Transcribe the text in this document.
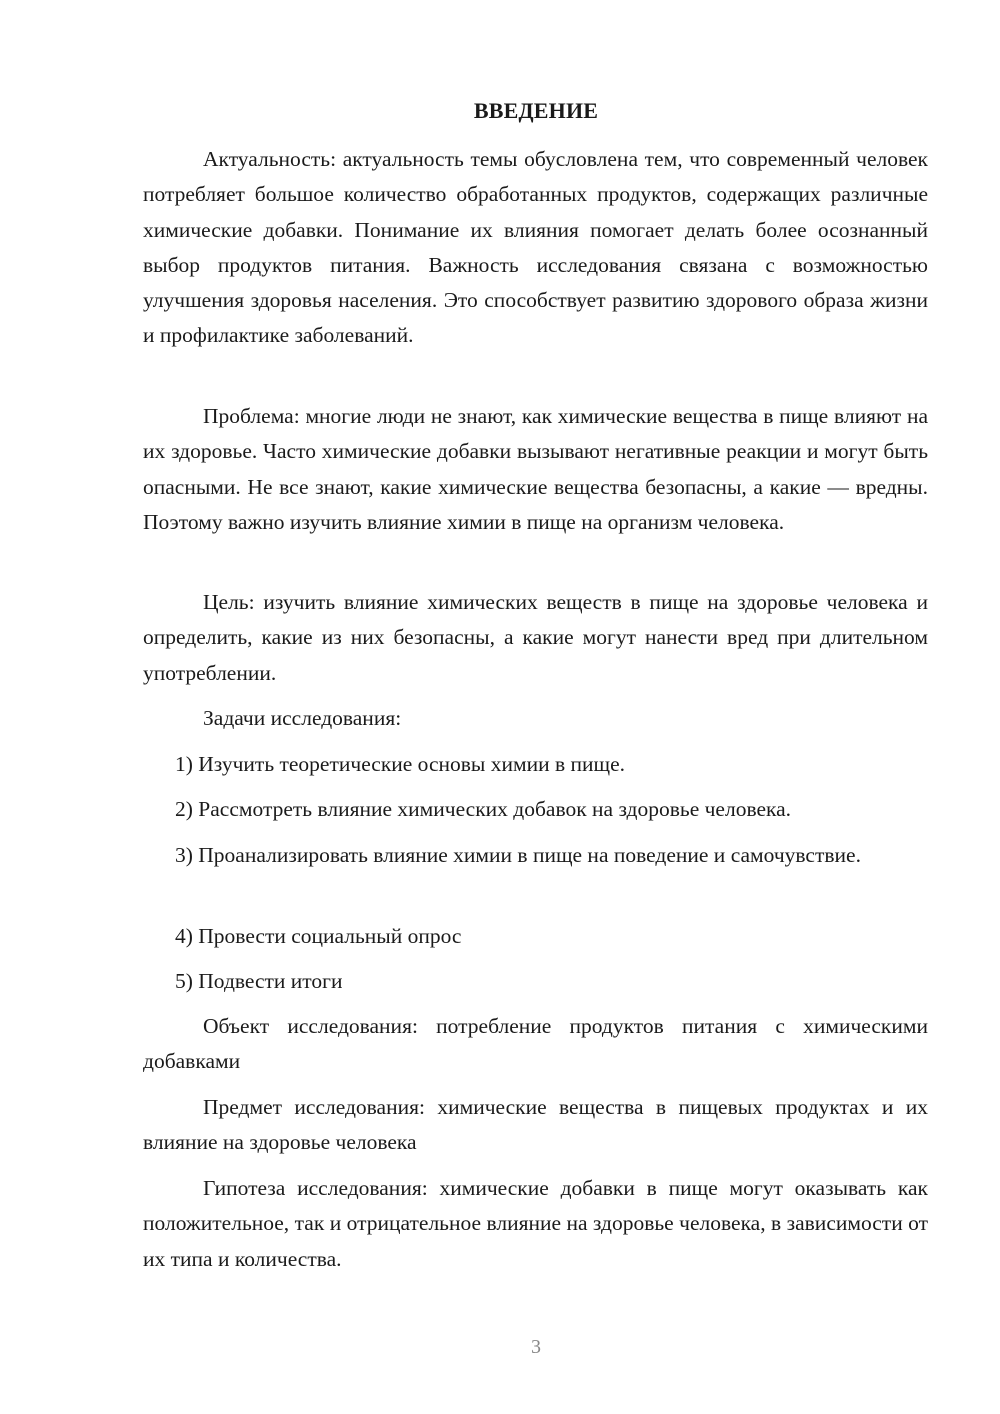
ВВЕДЕНИЕ

Актуальность: актуальность темы обусловлена тем, что современный человек потребляет большое количество обработанных продуктов, содержащих различные химические добавки. Понимание их влияния помогает делать более осознанный выбор продуктов питания. Важность исследования связана с возможностью улучшения здоровья населения. Это способствует развитию здорового образа жизни и профилактике заболеваний.

Проблема: многие люди не знают, как химические вещества в пище влияют на их здоровье. Часто химические добавки вызывают негативные реакции и могут быть опасными. Не все знают, какие химические вещества безопасны, а какие — вредны. Поэтому важно изучить влияние химии в пище на организм человека.

Цель: изучить влияние химических веществ в пище на здоровье человека и определить, какие из них безопасны, а какие могут нанести вред при длительном употреблении.

Задачи исследования:

1) Изучить теоретические основы химии в пище.

2) Рассмотреть влияние химических добавок на здоровье человека.

3) Проанализировать влияние химии в пище на поведение и самочувствие.

4) Провести социальный опрос

5) Подвести итоги

Объект исследования: потребление продуктов питания с химическими добавками

Предмет исследования: химические вещества в пищевых продуктах и их влияние на здоровье человека

Гипотеза исследования: химические добавки в пище могут оказывать как положительное, так и отрицательное влияние на здоровье человека, в зависимости от их типа и количества.

3
